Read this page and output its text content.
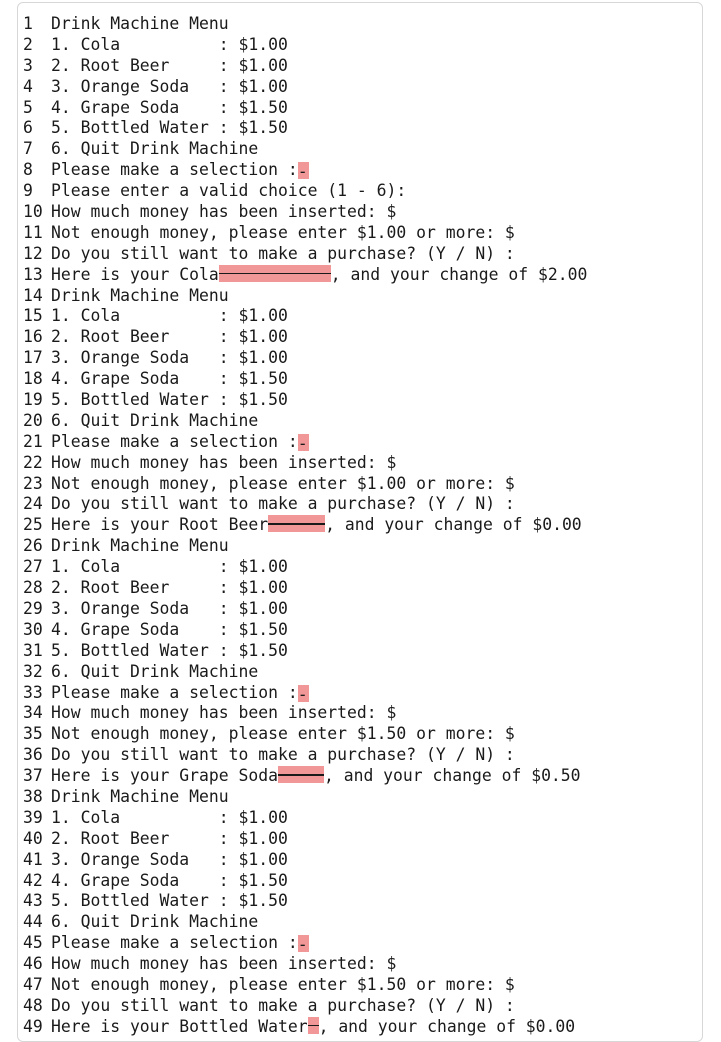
1	Drink Machine Menu
2	1. Cola          : $1.00
3	2. Root Beer     : $1.00
4	3. Orange Soda   : $1.00
5	4. Grape Soda    : $1.50
6	5. Bottled Water : $1.50
7	6. Quit Drink Machine
8	Please make a selection :-
9	Please enter a valid choice (1 - 6):
10 How much money has been inserted: $
11 Not enough money, please enter $1.00 or more: $
12 Do you still want to make a purchase? (Y / N) :
13 Here is your Cola	, and your change of $2.00
14 Drink Machine Menu
15 1. Cola          : $1.00
16 2. Root Beer     : $1.00
17 3. Orange Soda   : $1.00
18 4. Grape Soda    : $1.50
19 5. Bottled Water : $1.50
20 6. Quit Drink Machine
21 Please make a selection :-
22 How much money has been inserted: $
23 Not enough money, please enter $1.00 or more: $
24 Do you still want to make a purchase? (Y / N) :
25 Here is your Root Beer	, and your change of $0.00
26 Drink Machine Menu
27 1. Cola          : $1.00
28 2. Root Beer     : $1.00
29 3. Orange Soda   : $1.00
30 4. Grape Soda    : $1.50
31 5. Bottled Water : $1.50
32 6. Quit Drink Machine
33 Please make a selection :-
34 How much money has been inserted: $
35 Not enough money, please enter $1.50 or more: $
36 Do you still want to make a purchase? (Y / N) :
37 Here is your Grape Soda	, and your change of $0.50
38 Drink Machine Menu
39 1. Cola          : $1.00
40 2. Root Beer     : $1.00
41 3. Orange Soda   : $1.00
42 4. Grape Soda    : $1.50
43 5. Bottled Water : $1.50
44 6. Quit Drink Machine
45 Please make a selection :-
46 How much money has been inserted: $
47 Not enough money, please enter $1.50 or more: $
48 Do you still want to make a purchase? (Y / N) :
49 Here is your Bottled Water , and your change of $0.00
